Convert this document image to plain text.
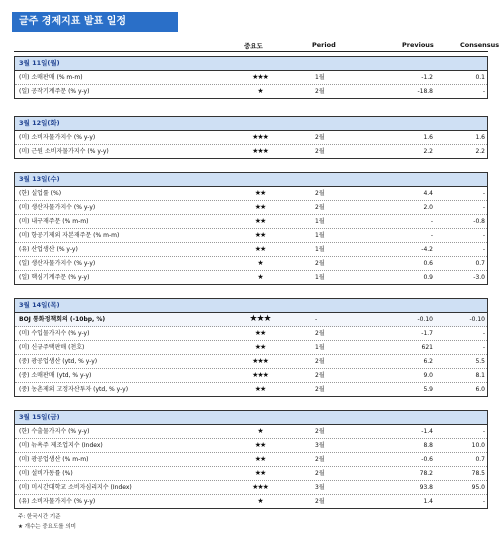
글주 경제지표 발표 일정
중요도	Period	Previous	Consensus
3월 11일(월)
(미) 소매판매 (% m-m)	★★★	1월	-1.2	0.1
(일) 공작기계주문 (% y-y)	★	2월	-18.8	-
3월 12일(화)
(미) 소비자물가지수 (% y-y)	★★★	2월	1.6	1.6
(미) 근원 소비자물가지수 (% y-y)	★★★	2월	2.2	2.2
3월 13일(수)
(한) 실업률 (%)	★★	2월	4.4	-
(미) 생산자물가지수 (% y-y)	★★	2월	2.0	-
(미) 내구재주문 (% m-m)	★★	1월	-	-0.8
(미) 항공기제외 자본재주문 (% m-m)	★★	1월	-	-
(유) 산업생산 (% y-y)	★★	1월	-4.2	-
(일) 생산자물가지수 (% y-y)	★	2월	0.6	0.7
(일) 핵심기계주문 (% y-y)	★	1월	0.9	-3.0
3월 14일(목)
BOJ 통화정책회의 (-10bp, %)	★★★	-	-0.10	-0.10
(미) 수입물가지수 (% y-y)	★★	2월	-1.7	-
(미) 신규주택판매 (천호)	★★	1월	621	-
(중) 광공업생산 (ytd, % y-y)	★★★	2월	6.2	5.5
(중) 소매판매 (ytd, % y-y)	★★★	2월	9.0	8.1
(중) 농촌제외 고정자산투자 (ytd, % y-y)	★★	2월	5.9	6.0
3월 15일(금)
(한) 수출물가지수 (% y-y)	★	2월	-1.4	-
(미) 뉴욕주 제조업지수 (Index)	★★	3월	8.8	10.0
(미) 광공업생산 (% m-m)	★★	2월	-0.6	0.7
(미) 설비가동률 (%)	★★	2월	78.2	78.5
(미) 미시간대학교 소비자심리지수 (Index)	★★★	3월	93.8	95.0
(유) 소비자물가지수 (% y-y)	★	2월	1.4	-
주: 한국시간 기준
★ 개수는 중요도를 의미
